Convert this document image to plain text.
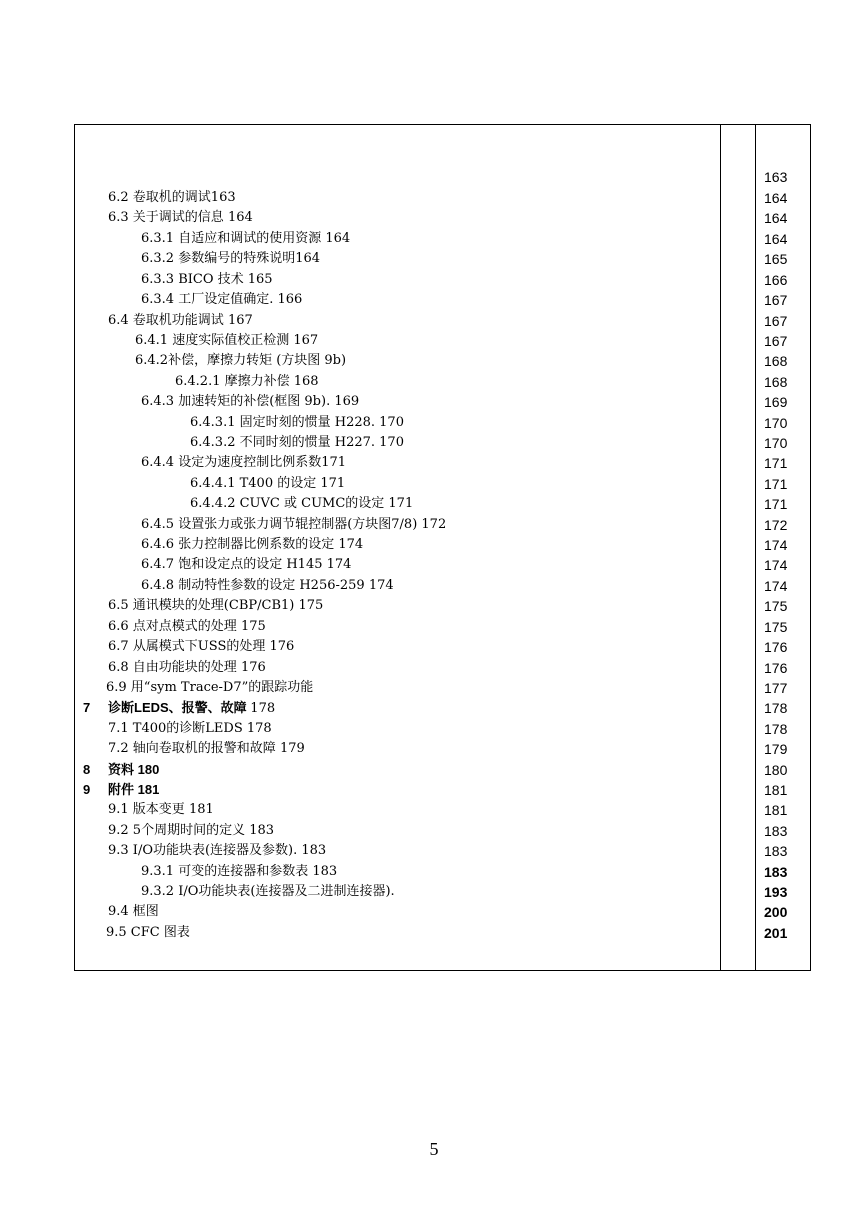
6.2 卷取机的调试163
6.3 关于调试的信息 164
6.3.1 自适应和调试的使用资源 164
6.3.2 参数编号的特殊说明164
6.3.3 BICO 技术 165
6.3.4 工厂设定值确定. 166
6.4 卷取机功能调试 167
6.4.1 速度实际值校正检测 167
6.4.2补偿，摩擦力转矩 (方块图 9b)
6.4.2.1 摩擦力补偿 168
6.4.3 加速转矩的补偿(框图 9b). 169
6.4.3.1 固定时刻的惯量 H228. 170
6.4.3.2 不同时刻的惯量 H227. 170
6.4.4 设定为速度控制比例系数171
6.4.4.1 T400 的设定 171
6.4.4.2 CUVC 或 CUMC的设定 171
6.4.5 设置张力或张力调节辊控制器(方块图7/8) 172
6.4.6 张力控制器比例系数的设定 174
6.4.7 饱和设定点的设定 H145 174
6.4.8 制动特性参数的设定 H256-259 174
6.5 通讯模块的处理(CBP/CB1) 175
6.6 点对点模式的处理 175
6.7 从属模式下USS的处理 176
6.8 自由功能块的处理 176
6.9 用“sym Trace-D7”的跟踪功能
7 诊断LEDS、报警、故障 178
7.1 T400的诊断LEDS 178
7.2 轴向卷取机的报警和故障 179
8 资料 180
9 附件 181
9.1 版本变更 181
9.2 5个周期时间的定义 183
9.3 I/O功能块表(连接器及参数). 183
9.3.1 可变的连接器和参数表 183
9.3.2 I/O功能块表(连接器及二进制连接器).
9.4 框图
9.5 CFC 图表
163
164
164
164
165
166
167
167
167
168
168
169
170
170
171
171
171
172
174
174
174
175
175
176
176
177
178
178
179
180
181
181
183
183
183
193
200
201
5
